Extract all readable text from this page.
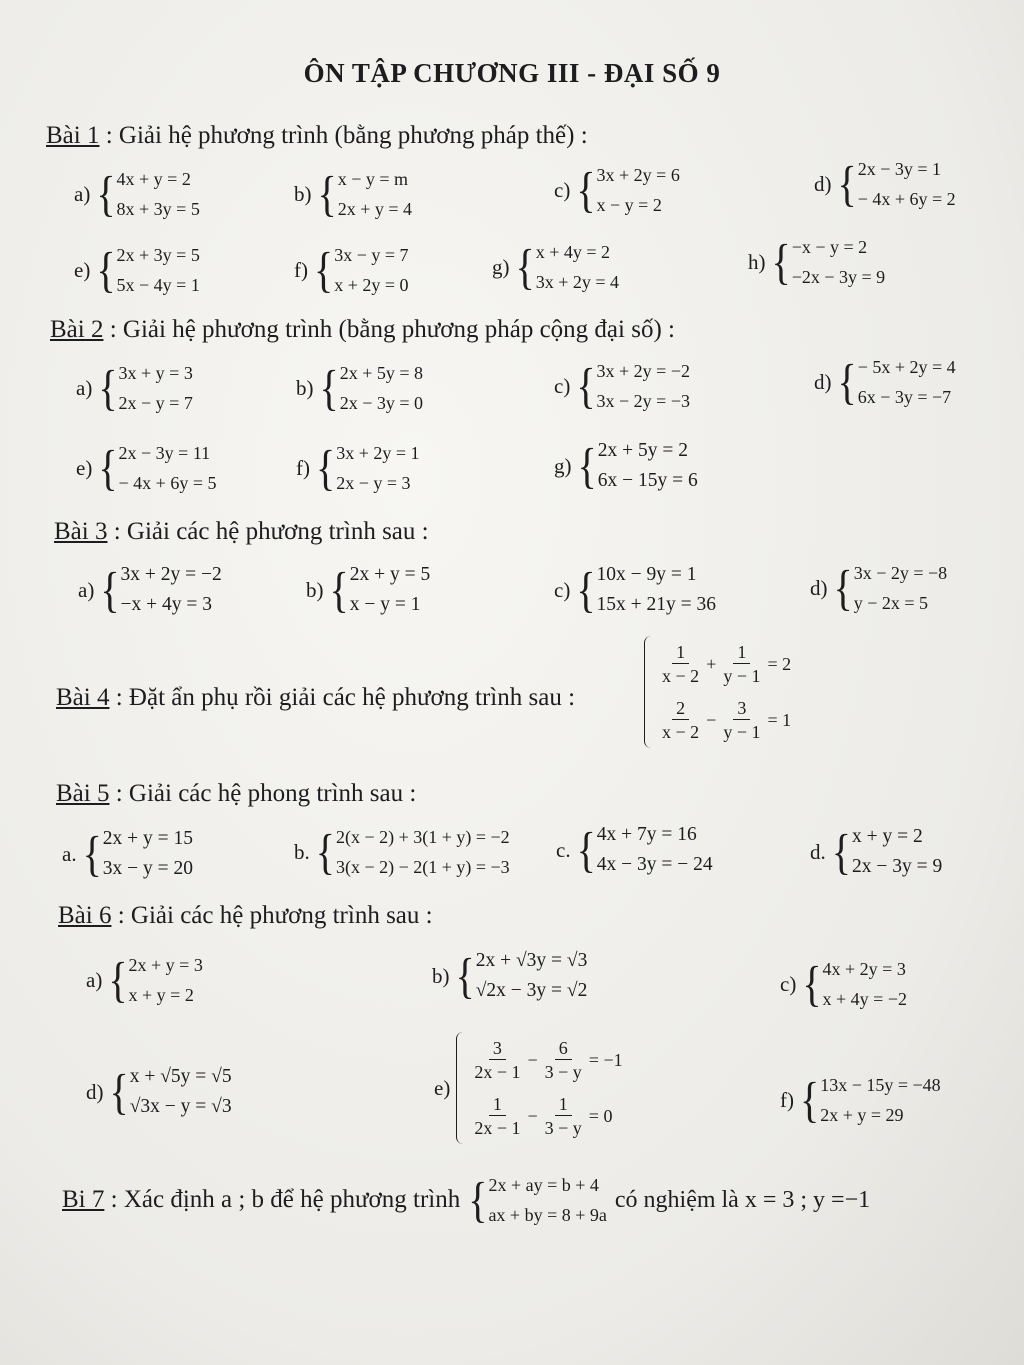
ÔN TẬP CHƯƠNG III - ĐẠI SỐ 9
Bài 1 : Giải hệ phương trình (bằng phương pháp thế) :
a) { 4x + y = 2
8x + 3y = 5
b) { x − y = m
2x + y = 4
c) { 3x + 2y = 6
x − y = 2
d) { 2x − 3y = 1
− 4x + 6y = 2
e) { 2x + 3y = 5
5x − 4y = 1
f) { 3x − y = 7
x + 2y = 0
g) { x + 4y = 2
3x + 2y = 4
h) { −x − y = 2
−2x − 3y = 9
Bài 2 : Giải hệ phương trình (bằng phương pháp cộng đại số) :
a) { 3x + y = 3
2x − y = 7
b) { 2x + 5y = 8
2x − 3y = 0
c) { 3x + 2y = −2
3x − 2y = −3
d) { − 5x + 2y = 4
6x − 3y = −7
e) { 2x − 3y = 11
− 4x + 6y = 5
f) { 3x + 2y = 1
2x − y = 3
g) { 2x + 5y = 2
6x − 15y = 6
Bài 3 : Giải các hệ phương trình sau :
a) { 3x + 2y = −2
−x + 4y = 3
b) { 2x + y = 5
x − y = 1
c) { 10x − 9y = 1
15x + 21y = 36
d) { 3x − 2y = −8
y − 2x = 5
Bài 4 : Đặt ẩn phụ rồi giải các hệ phương trình sau :
$\frac{1}{x - 2} + \frac{1}{y - 1} = 2$
$\frac{2}{x - 2} - \frac{3}{y - 1} = 1$
Bài 5 : Giải các hệ phong trình sau :
a. { 2x + y = 15
3x − y = 20
b. { 2(x − 2) + 3(1 + y) = −2
3(x − 2) − 2(1 + y) = −3
c. { 4x + 7y = 16
4x − 3y = − 24
d. { x + y = 2
2x − 3y = 9
Bài 6 : Giải các hệ phương trình sau :
a) { 2x + y = 3
x + y = 2
b) { 2x + √3y = √3
√2x − 3y = √2	c) { 4x + 2y = 3
x + 4y = −2
d) { x + √5y = √5
√3x − y = √3
e)
$\frac{3}{2x - 1} - \frac{6}{3 - y} = -1$
$\frac{1}{2x - 1} - \frac{1}{3 - y} = 0$
f) { 13x − 15y = −48
2x + y = 29
Bi 7 : Xác định a ; b để hệ phương trình { 2x + ay = b + 4
ax + by = 8 + 9a
có nghiệm là x = 3 ; y =−1
